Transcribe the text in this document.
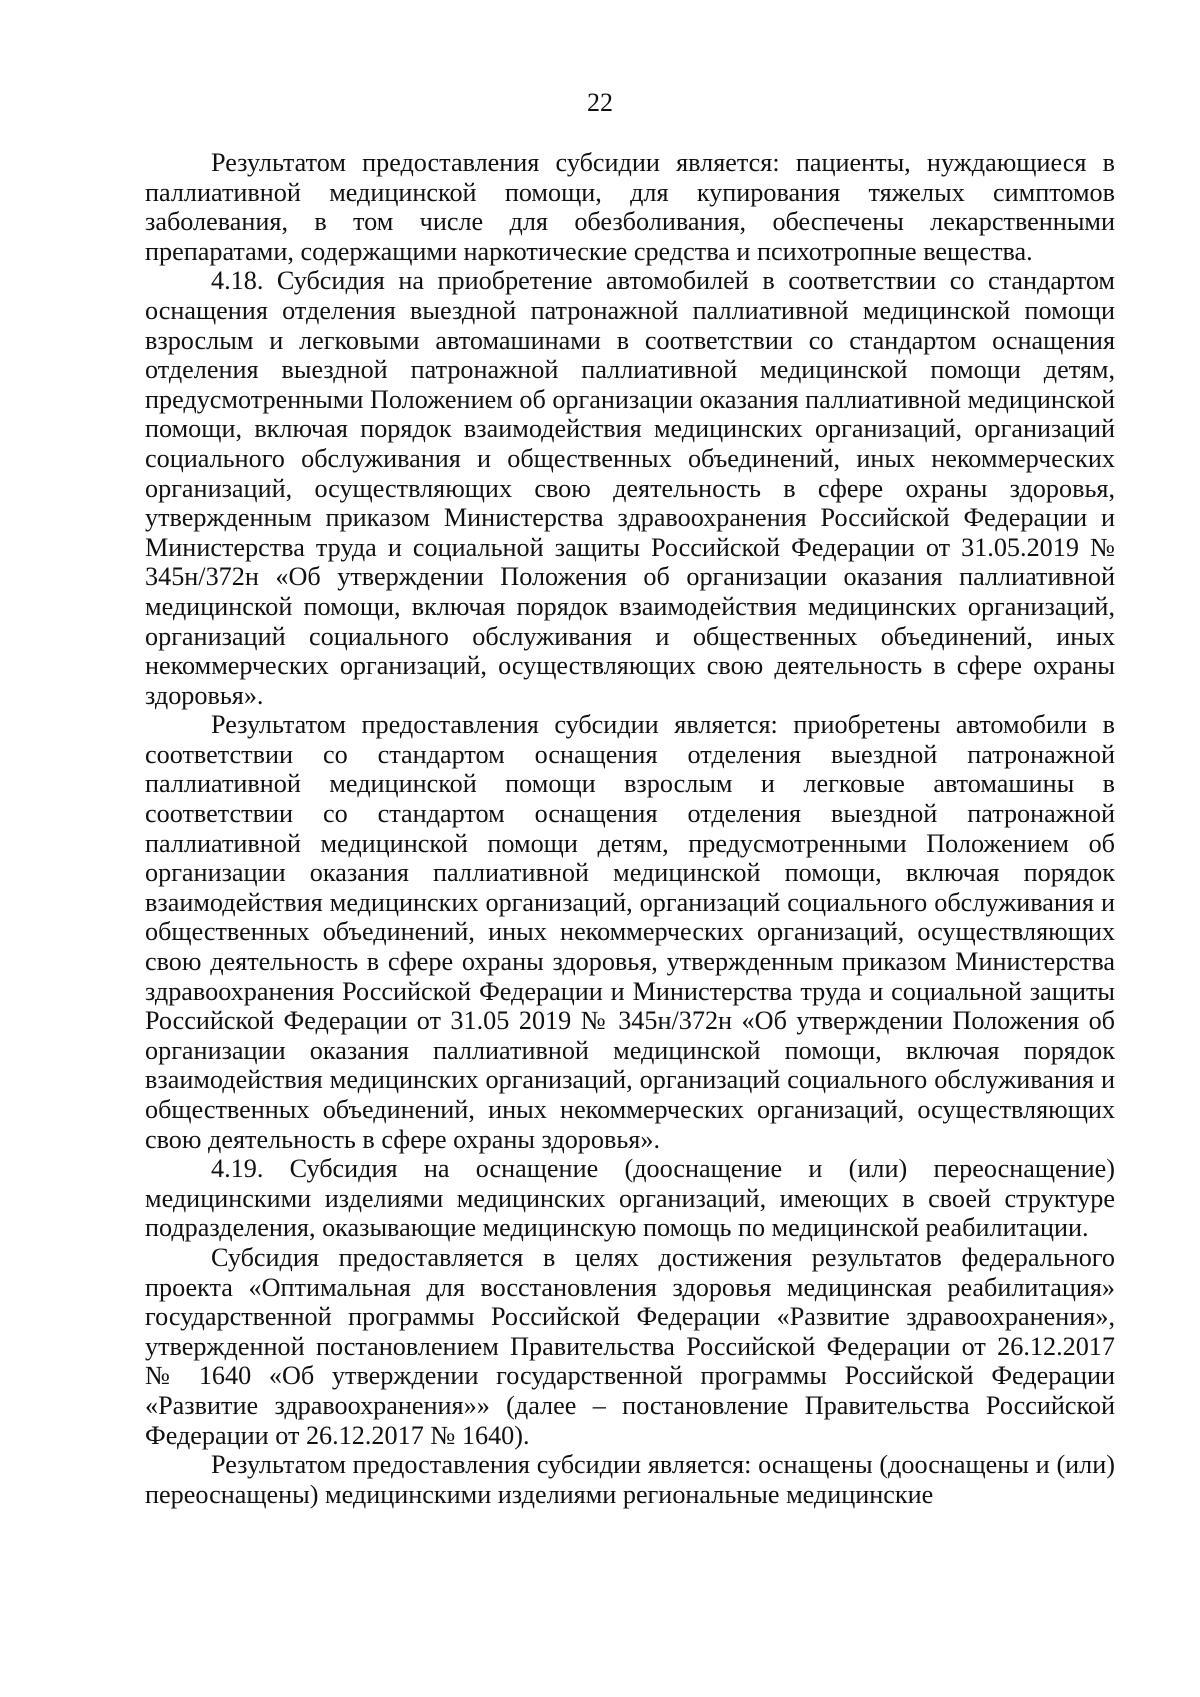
22

Результатом предоставления субсидии является: пациенты, нуждающиеся в паллиативной медицинской помощи, для купирования тяжелых симптомов заболевания, в том числе для обезболивания, обеспечены лекарственными препаратами, содержащими наркотические средства и психотропные вещества.

4.18. Субсидия на приобретение автомобилей в соответствии со стандартом оснащения отделения выездной патронажной паллиативной медицинской помощи взрослым и легковыми автомашинами в соответствии со стандартом оснащения отделения выездной патронажной паллиативной медицинской помощи детям, предусмотренными Положением об организации оказания паллиативной медицинской помощи, включая порядок взаимодействия медицинских организаций, организаций социального обслуживания и общественных объединений, иных некоммерческих организаций, осуществляющих свою деятельность в сфере охраны здоровья, утвержденным приказом Министерства здравоохранения Российской Федерации и Министерства труда и социальной защиты Российской Федерации от 31.05.2019 № 345н/372н «Об утверждении Положения об организации оказания паллиативной медицинской помощи, включая порядок взаимодействия медицинских организаций, организаций социального обслуживания и общественных объединений, иных некоммерческих организаций, осуществляющих свою деятельность в сфере охраны здоровья».

Результатом предоставления субсидии является: приобретены автомобили в соответствии со стандартом оснащения отделения выездной патронажной паллиативной медицинской помощи взрослым и легковые автомашины в соответствии со стандартом оснащения отделения выездной патронажной паллиативной медицинской помощи детям, предусмотренными Положением об организации оказания паллиативной медицинской помощи, включая порядок взаимодействия медицинских организаций, организаций социального обслуживания и общественных объединений, иных некоммерческих организаций, осуществляющих свою деятельность в сфере охраны здоровья, утвержденным приказом Министерства здравоохранения Российской Федерации и Министерства труда и социальной защиты Российской Федерации от 31.05 2019 № 345н/372н «Об утверждении Положения об организации оказания паллиативной медицинской помощи, включая порядок взаимодействия медицинских организаций, организаций социального обслуживания и общественных объединений, иных некоммерческих организаций, осуществляющих свою деятельность в сфере охраны здоровья».

4.19. Субсидия на оснащение (дооснащение и (или) переоснащение) медицинскими изделиями медицинских организаций, имеющих в своей структуре подразделения, оказывающие медицинскую помощь по медицинской реабилитации.

Субсидия предоставляется в целях достижения результатов федерального проекта «Оптимальная для восстановления здоровья медицинская реабилитация» государственной программы Российской Федерации «Развитие здравоохранения», утвержденной постановлением Правительства Российской Федерации от 26.12.2017 № 1640 «Об утверждении государственной программы Российской Федерации «Развитие здравоохранения»» (далее – постановление Правительства Российской Федерации от 26.12.2017 № 1640).

Результатом предоставления субсидии является: оснащены (дооснащены и (или) переоснащены) медицинскими изделиями региональные медицинские
